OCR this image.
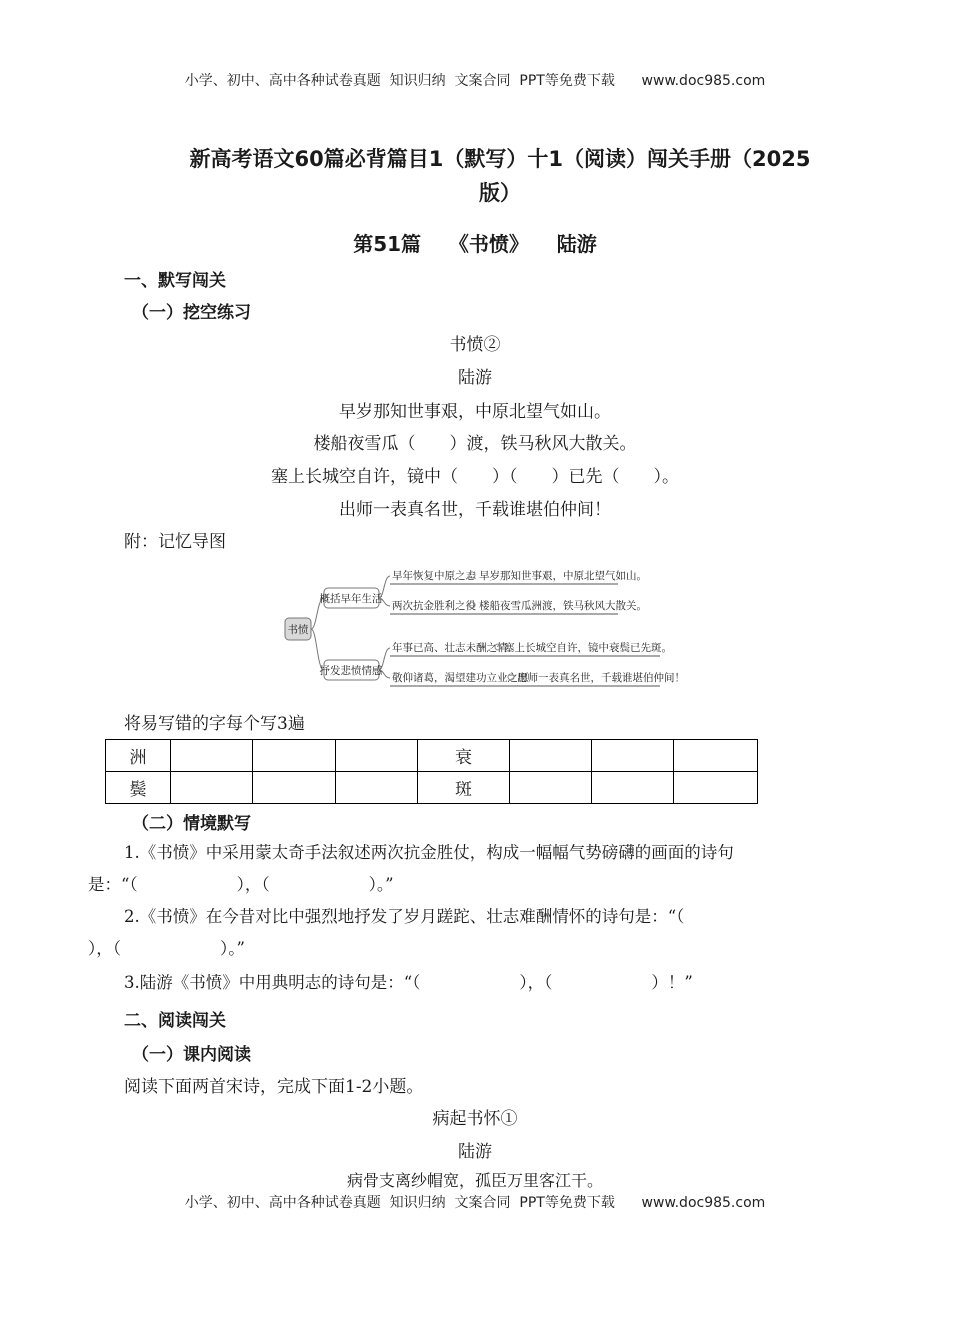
小学、初中、高中各种试卷真题  知识归纳  文案合同  PPT等免费下载      www.doc985.com
新高考语文60篇必背篇目1（默写）十1（阅读）闯关手册（2025
版）
第51篇    《书愤》    陆游
一、默写闯关
（一）挖空练习
书愤②
陆游
早岁那知世事艰，中原北望气如山。
楼船夜雪瓜（　　）渡，铁马秋风大散关。
塞上长城空自许，镜中（　　）（　　）已先（　　）。
出师一表真名世，千载谁堪伯仲间！
附：记忆导图
书愤
概括早年生活
抒发悲愤情感
早年恢复中原之志 早岁那知世事艰，中原北望气如山。
两次抗金胜利之役 楼船夜雪瓜洲渡，铁马秋风大散关。
年事已高、壮志未酬之情
塞上长城空自许，镜中衰鬓已先斑。
敬仰诸葛，渴望建功立业之愿
出师一表真名世，千载谁堪伯仲间！
将易写错的字每个写3遍
洲				衰			
鬓				斑			
（二）情境默写
1.《书愤》中采用蒙太奇手法叙述两次抗金胜仗，构成一幅幅气势磅礴的画面的诗句
是：“（　　　　　　），（　　　　　　）。”
2.《书愤》在今昔对比中强烈地抒发了岁月蹉跎、壮志难酬情怀的诗句是：“（
），（　　　　　　）。”
3.陆游《书愤》中用典明志的诗句是：“（　　　　　　），（　　　　　　）！”
二、阅读闯关
（一）课内阅读
阅读下面两首宋诗，完成下面1-2小题。
病起书怀①
陆游
病骨支离纱帽宽，孤臣万里客江干。
小学、初中、高中各种试卷真题  知识归纳  文案合同  PPT等免费下载      www.doc985.com
